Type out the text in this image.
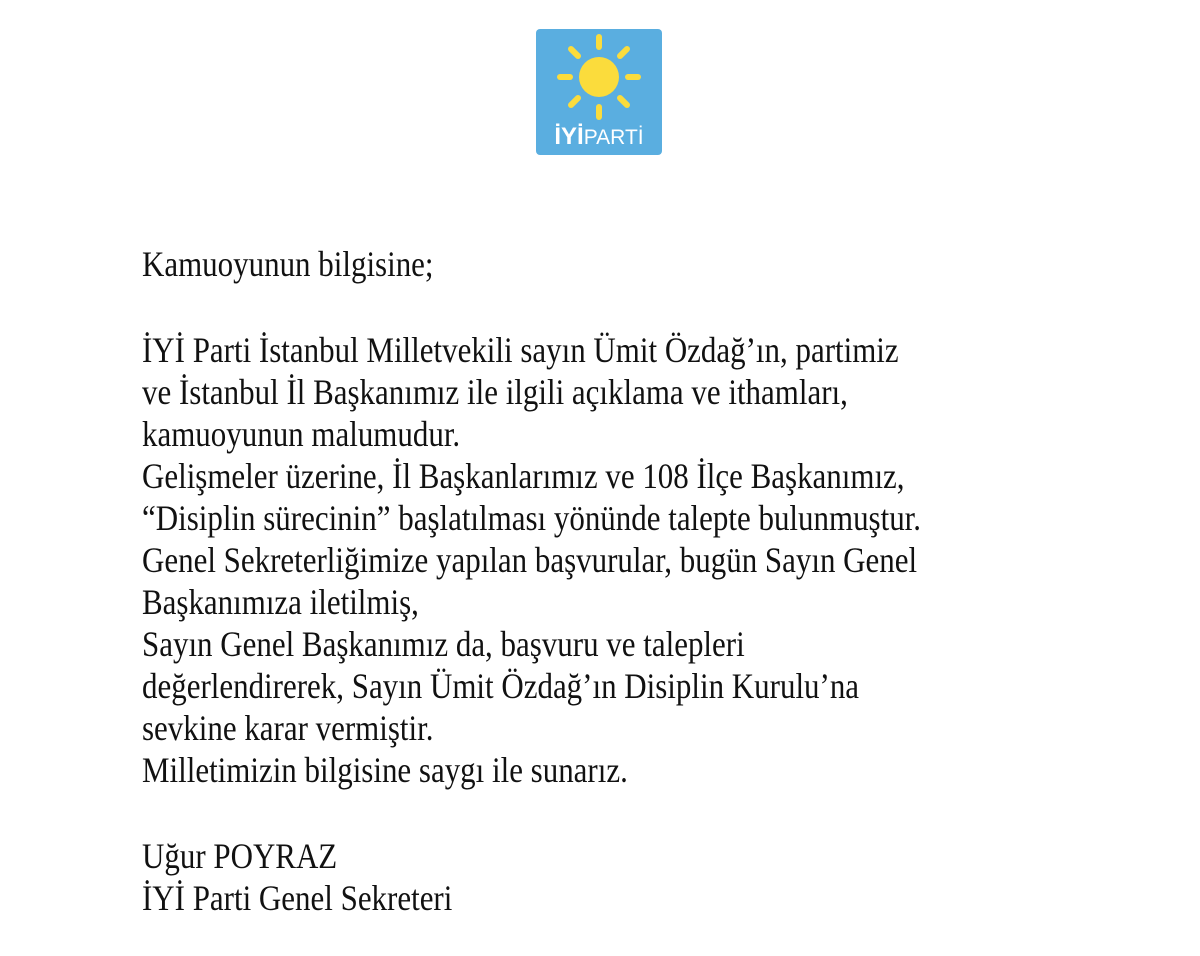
İYİPARTİ
Kamuoyunun bilgisine;
İYİ Parti İstanbul Milletvekili sayın Ümit Özdağ’ın, partimiz
ve İstanbul İl Başkanımız ile ilgili açıklama ve ithamları,
kamuoyunun malumudur.
Gelişmeler üzerine, İl Başkanlarımız ve 108 İlçe Başkanımız,
“Disiplin sürecinin” başlatılması yönünde talepte bulunmuştur.
Genel Sekreterliğimize yapılan başvurular, bugün Sayın Genel
Başkanımıza iletilmiş,
Sayın Genel Başkanımız da, başvuru ve talepleri
değerlendirerek, Sayın Ümit Özdağ’ın Disiplin Kurulu’na
sevkine karar vermiştir.
Milletimizin bilgisine saygı ile sunarız.
Uğur POYRAZ
İYİ Parti Genel Sekreteri
